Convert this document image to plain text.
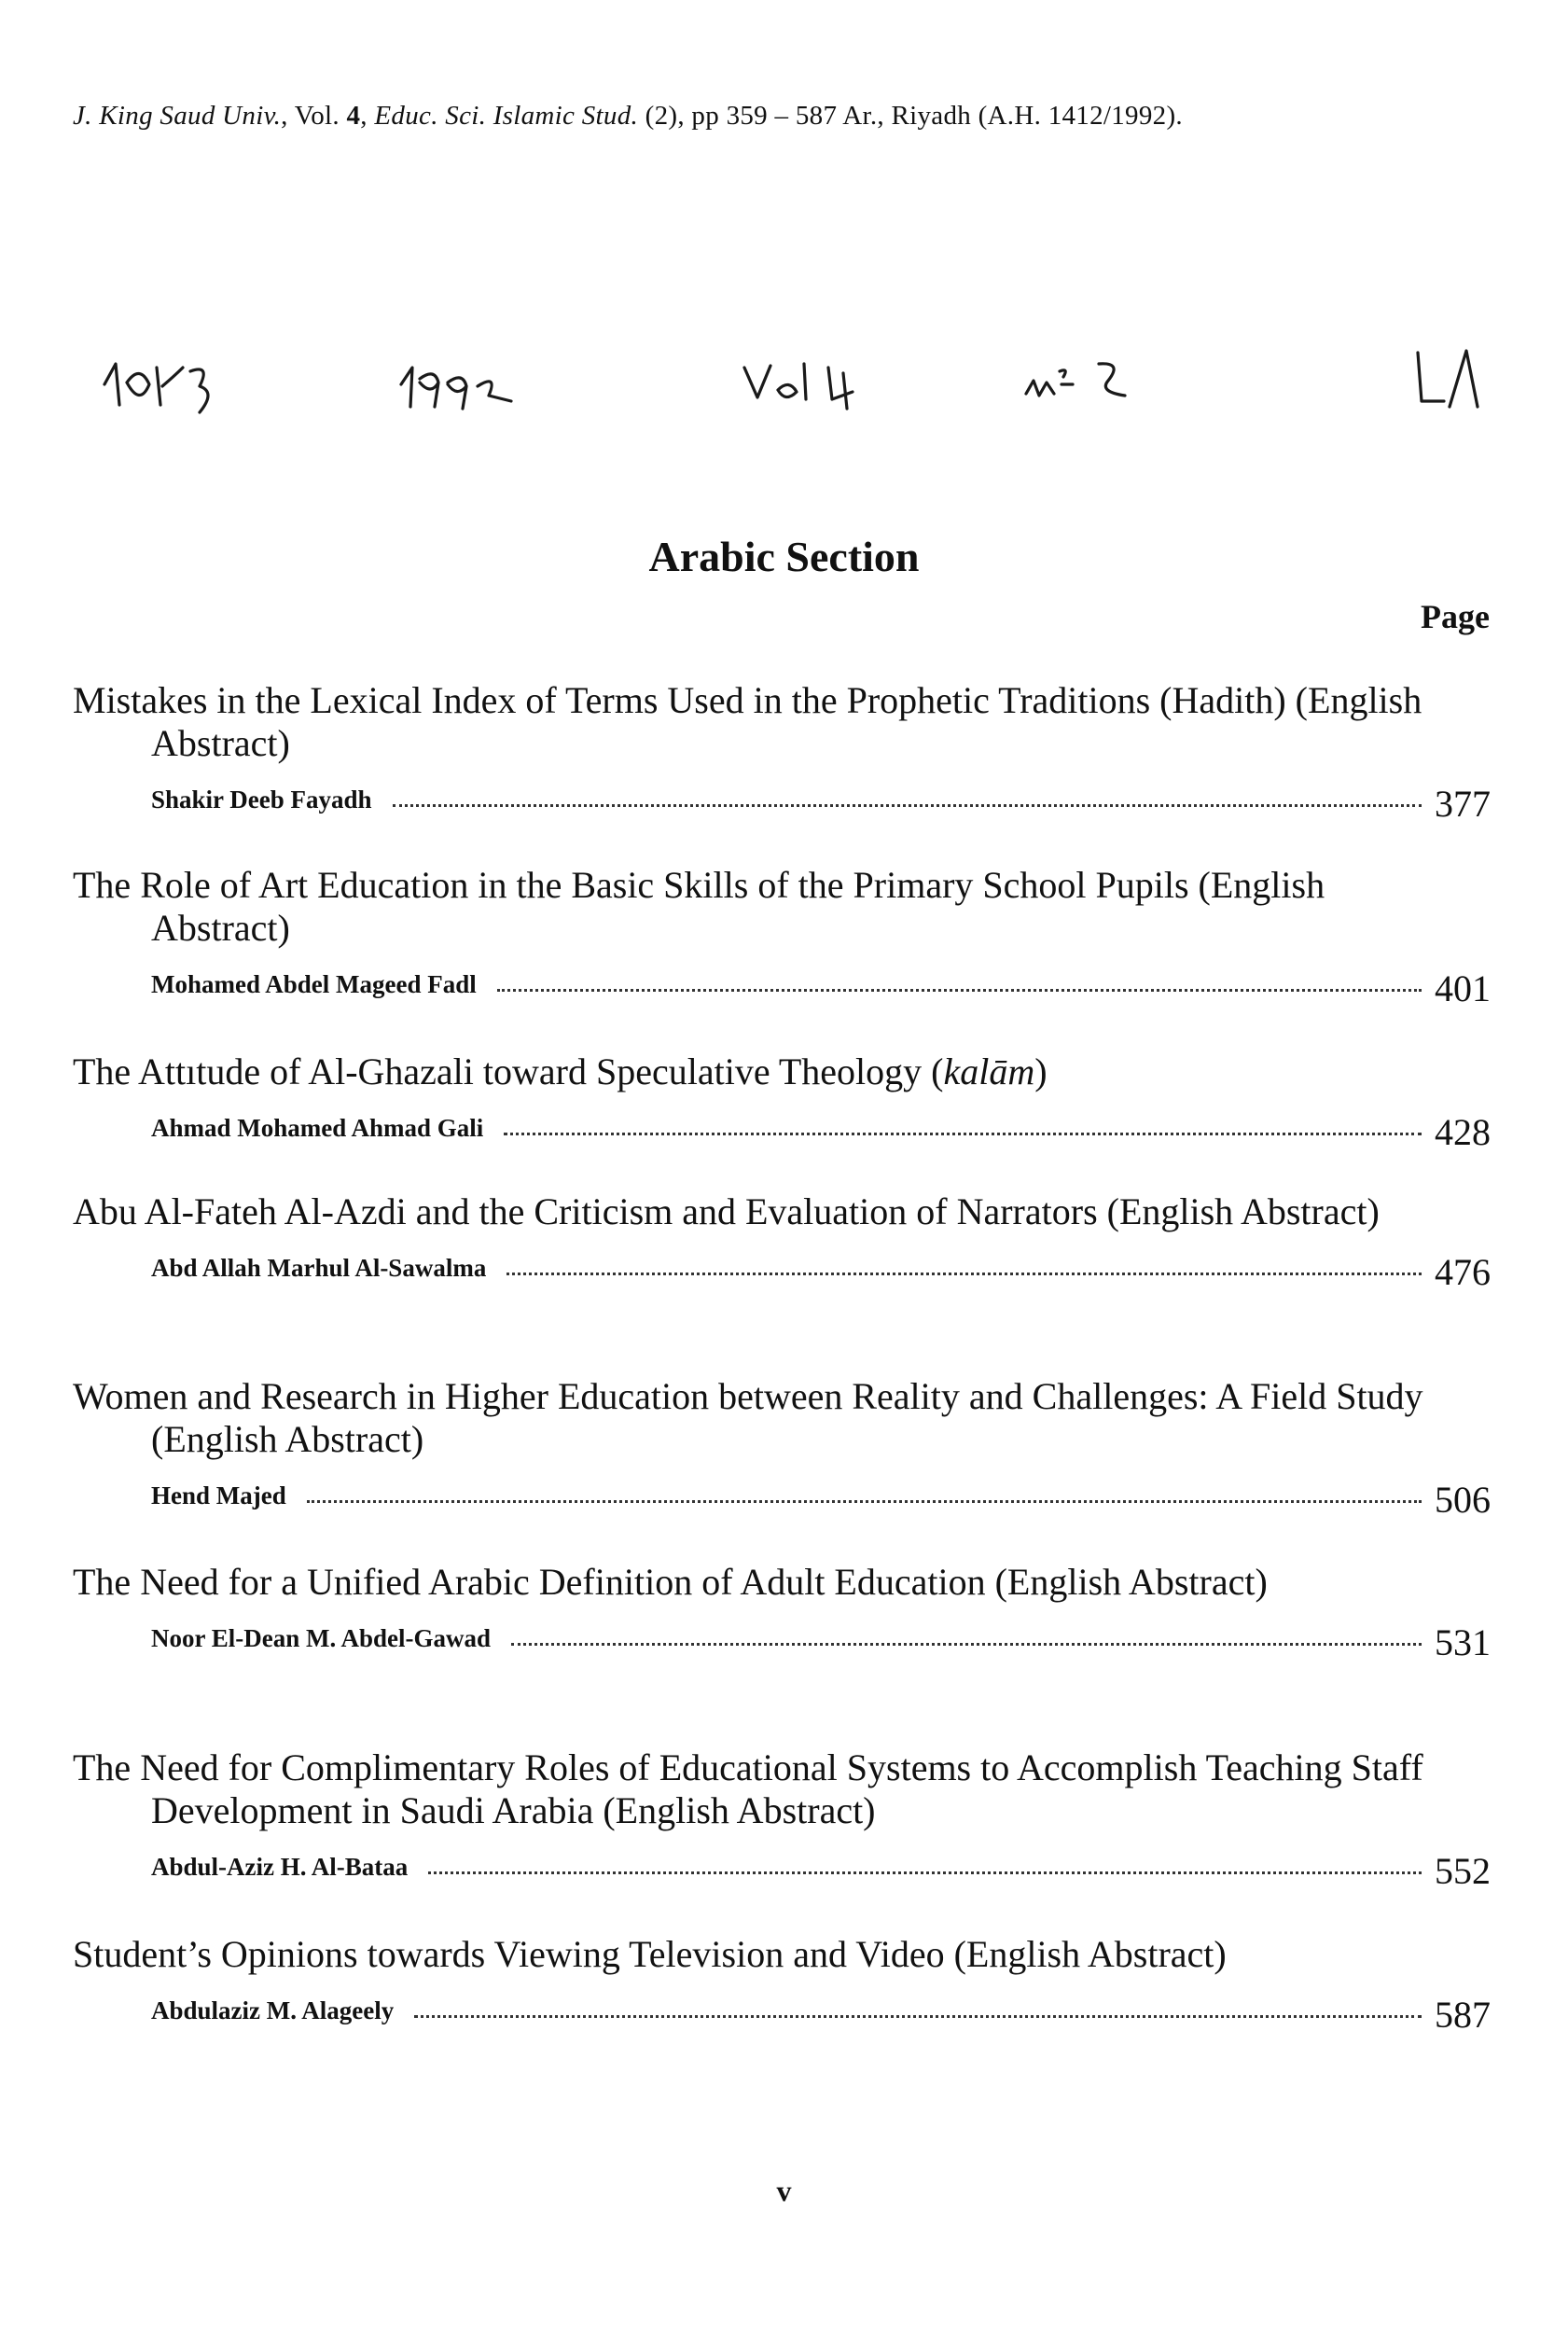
J. King Saud Univ., Vol. 4, Educ. Sci. Islamic Stud. (2), pp 359 – 587 Ar., Riyadh (A.H. 1412/1992).
Arabic Section
Page
Mistakes in the Lexical Index of Terms Used in the Prophetic Traditions (Hadith) (English Abstract)
Shakir Deeb Fayadh	377
The Role of Art Education in the Basic Skills of the Primary School Pupils (English Abstract)
Mohamed Abdel Mageed Fadl	401
The Attıtude of Al-Ghazali toward Speculative Theology (kalām)
Ahmad Mohamed Ahmad Gali	428
Abu Al-Fateh Al-Azdi and the Criticism and Evaluation of Narrators (English Abstract)
Abd Allah Marhul Al-Sawalma	476
Women and Research in Higher Education between Reality and Challenges: A Field Study (English Abstract)
Hend Majed	506
The Need for a Unified Arabic Definition of Adult Education (English Abstract)
Noor El-Dean M. Abdel-Gawad	531
The Need for Complimentary Roles of Educational Systems to Accomplish Teaching Staff Development in Saudi Arabia (English Abstract)
Abdul-Aziz H. Al-Bataa	552
Student’s Opinions towards Viewing Television and Video (English Abstract)
Abdulaziz M. Alageely	587
v
